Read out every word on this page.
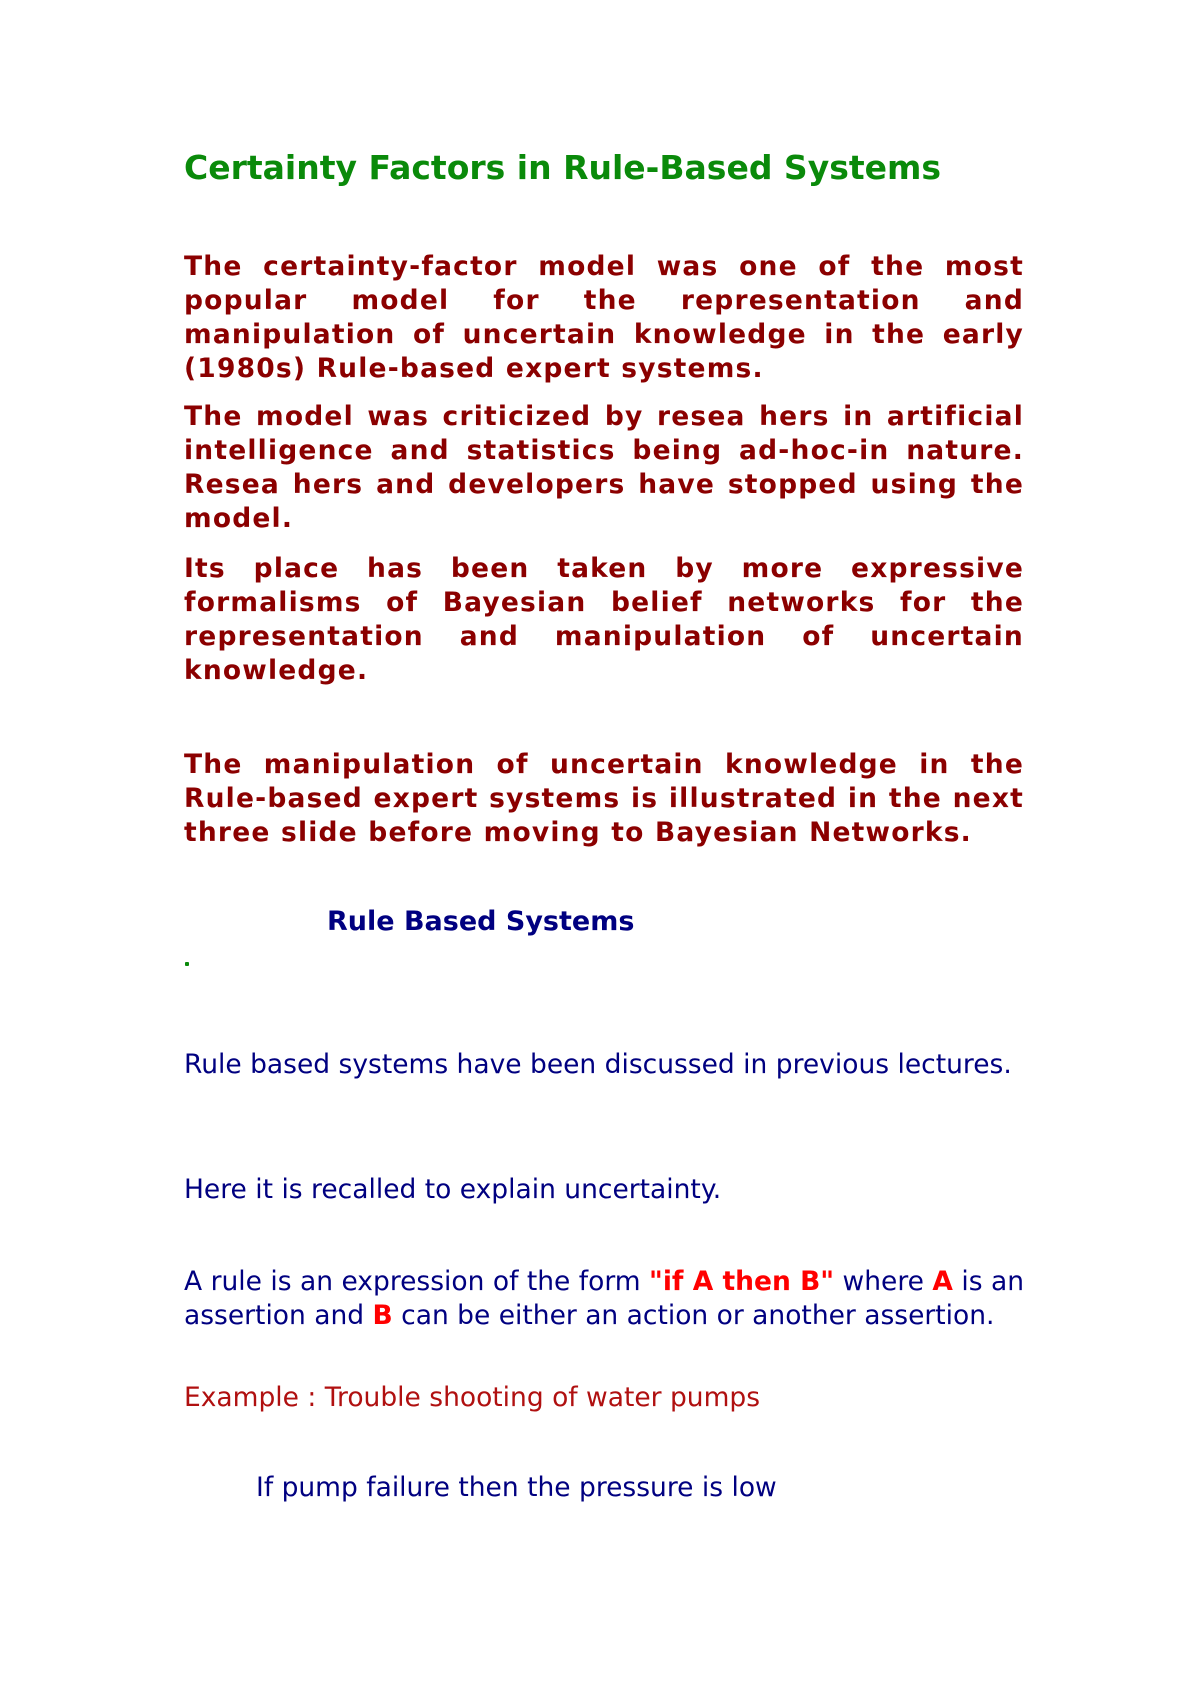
Certainty Factors in Rule-Based Systems

The certainty-factor model was one of the most popular model for the representation and manipulation of uncertain knowledge in the early (1980s) Rule-based expert systems.

The model was criticized by resea hers in artificial intelligence and statistics being ad-hoc-in nature. Resea hers and developers have stopped using the model.

Its place has been taken by more expressive formalisms of Bayesian belief networks for the representation and manipulation of uncertain knowledge.

The manipulation of uncertain knowledge in the Rule-based expert systems is illustrated in the next three slide before moving to Bayesian Networks.

Rule Based Systems

Rule based systems have been discussed in previous lectures.

Here it is recalled to explain uncertainty.

A rule is an expression of the form "if A then B" where A is an assertion and B can be either an action or another assertion.

Example : Trouble shooting of water pumps

If pump failure then the pressure is low
